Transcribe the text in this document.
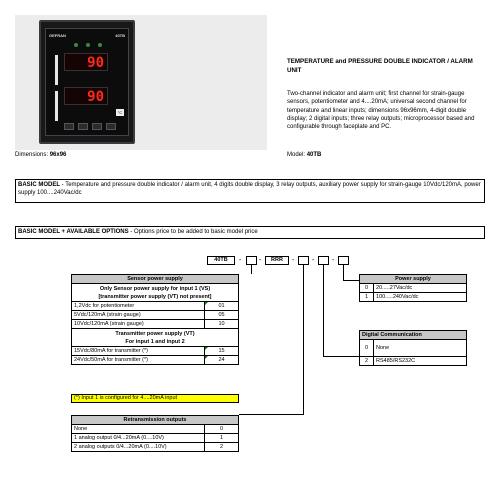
GEFRAN	40TB
90
90
°C
Dimensions: 96x96
TEMPERATURE and PRESSURE DOUBLE INDICATOR / ALARM UNIT
Two-channel indicator and alarm unit; first channel for strain-gauge sensors, potentiometer and 4....20mA; universal second channel for temperature and linear inputs; dimensions 96x96mm, 4-digit double display; 2 digital inputs; three relay outputs; microprocessor based and configurable through faceplate and PC.
Model: 40TB
BASIC MODEL - Temperature and pressure double indicator / alarm unit, 4 digits double display, 3 relay outputs, auxiliary power supply for strain-gauge 10Vdc/120mA, power supply 100....240Vac/dc
BASIC MODEL + AVAILABLE OPTIONS - Options price to be added to basic model price
40TB	-	-	RRR	-	-	-
Sensor power supply	
Only Sensor power supply for input 1 (VS)
[transmitter power supply (VT) not present]	
1,2Vdc for potentiometer	01
5Vdc/120mA (strain gauge)	05
10Vdc/120mA (strain gauge)	10
Transmitter power supply (VT)
For input 1 and input 2	
15Vdc/80mA for transmitter (*)	15
24Vdc/50mA for transmitter (*)	24
(*) Input 1 is configured for 4....20mA input
Retransmission outputs	
None	0
1 analog output 0/4...20mA (0....10V)	1
2 analog outputs 0/4...20mA (0....10V)	2
Power supply	
0	20.....27Vac/dc
1	100.....240Vac/dc
Digital Communication	
0	None
2	RS485/RS232C
